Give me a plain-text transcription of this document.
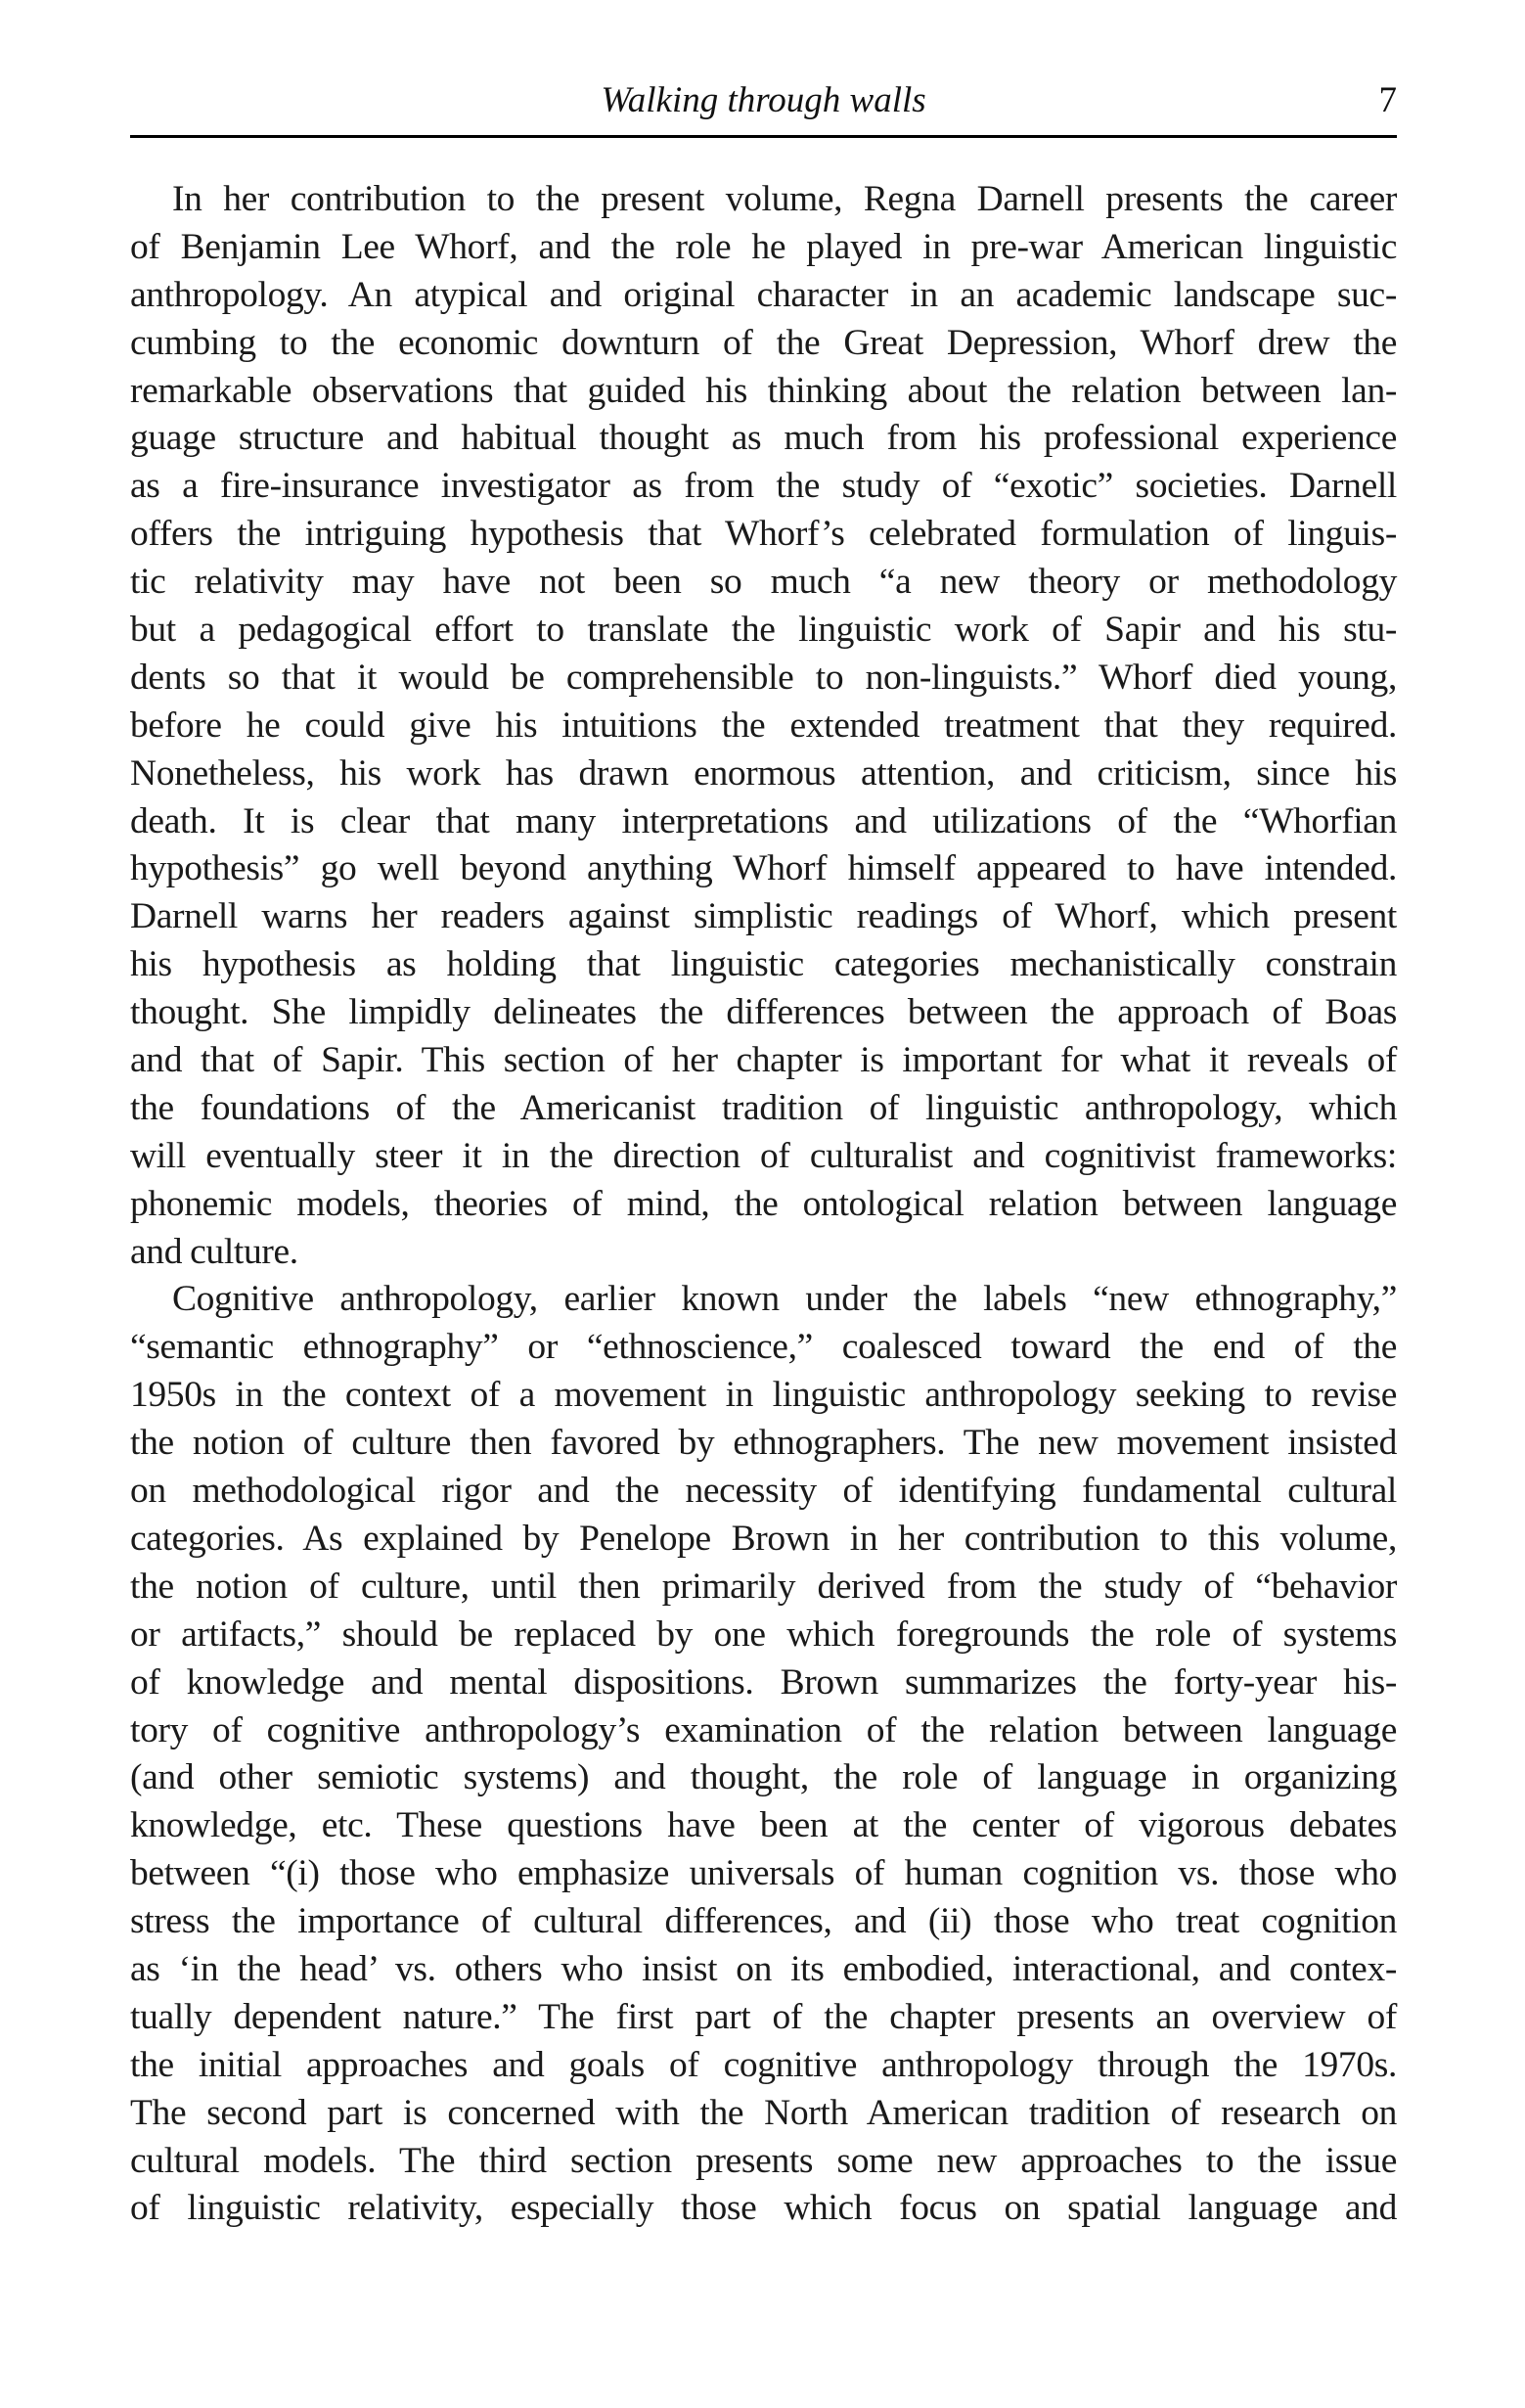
Walking through walls	7
In her contribution to the present volume, Regna Darnell presents the career
of Benjamin Lee Whorf, and the role he played in pre-war American linguistic
anthropology. An atypical and original character in an academic landscape suc-
cumbing to the economic downturn of the Great Depression, Whorf drew the
remarkable observations that guided his thinking about the relation between lan-
guage structure and habitual thought as much from his professional experience
as a fire-insurance investigator as from the study of “exotic” societies. Darnell
offers the intriguing hypothesis that Whorf’s celebrated formulation of linguis-
tic relativity may have not been so much “a new theory or methodology
but a pedagogical effort to translate the linguistic work of Sapir and his stu-
dents so that it would be comprehensible to non-linguists.” Whorf died young,
before he could give his intuitions the extended treatment that they required.
Nonetheless, his work has drawn enormous attention, and criticism, since his
death. It is clear that many interpretations and utilizations of the “Whorfian
hypothesis” go well beyond anything Whorf himself appeared to have intended.
Darnell warns her readers against simplistic readings of Whorf, which present
his hypothesis as holding that linguistic categories mechanistically constrain
thought. She limpidly delineates the differences between the approach of Boas
and that of Sapir. This section of her chapter is important for what it reveals of
the foundations of the Americanist tradition of linguistic anthropology, which
will eventually steer it in the direction of culturalist and cognitivist frameworks:
phonemic models, theories of mind, the ontological relation between language
and culture.
Cognitive anthropology, earlier known under the labels “new ethnography,”
“semantic ethnography” or “ethnoscience,” coalesced toward the end of the
1950s in the context of a movement in linguistic anthropology seeking to revise
the notion of culture then favored by ethnographers. The new movement insisted
on methodological rigor and the necessity of identifying fundamental cultural
categories. As explained by Penelope Brown in her contribution to this volume,
the notion of culture, until then primarily derived from the study of “behavior
or artifacts,” should be replaced by one which foregrounds the role of systems
of knowledge and mental dispositions. Brown summarizes the forty-year his-
tory of cognitive anthropology’s examination of the relation between language
(and other semiotic systems) and thought, the role of language in organizing
knowledge, etc. These questions have been at the center of vigorous debates
between “(i) those who emphasize universals of human cognition vs. those who
stress the importance of cultural differences, and (ii) those who treat cognition
as ‘in the head’ vs. others who insist on its embodied, interactional, and contex-
tually dependent nature.” The first part of the chapter presents an overview of
the initial approaches and goals of cognitive anthropology through the 1970s.
The second part is concerned with the North American tradition of research on
cultural models. The third section presents some new approaches to the issue
of linguistic relativity, especially those which focus on spatial language and
